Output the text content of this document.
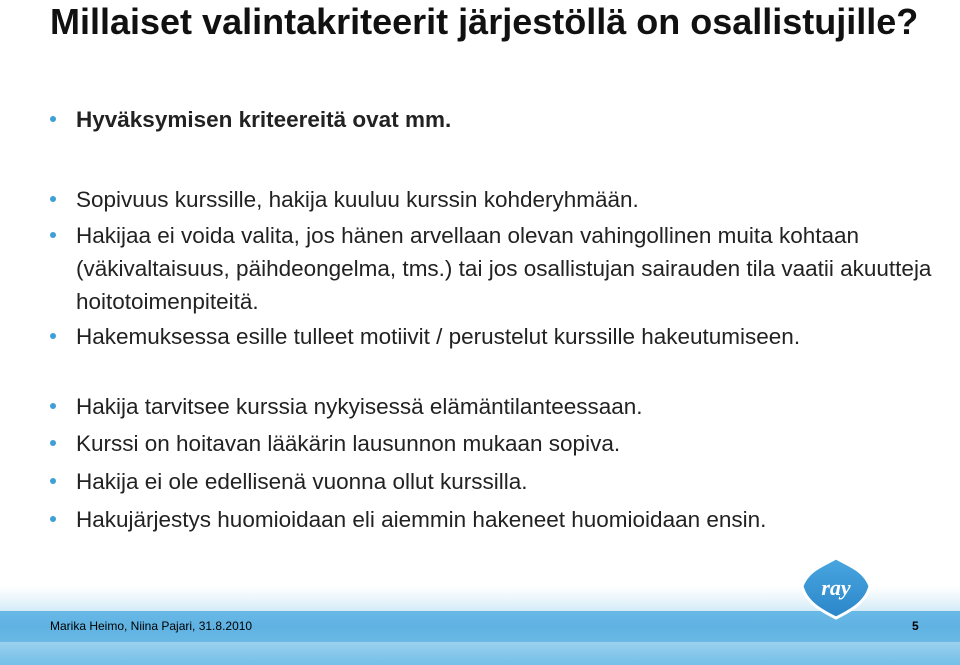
Millaiset valintakriteerit järjestöllä on osallistujille?
Hyväksymisen kriteereitä ovat mm.
Sopivuus kurssille, hakija kuuluu kurssin kohderyhmään.
Hakijaa ei voida valita, jos hänen arvellaan olevan vahingollinen muita kohtaan (väkivaltaisuus, päihdeongelma, tms.) tai jos osallistujan sairauden tila vaatii akuutteja hoitotoimenpiteitä.
Hakemuksessa esille tulleet motiivit / perustelut kurssille hakeutumiseen.
Hakija tarvitsee kurssia nykyisessä elämäntilanteessaan.
Kurssi on hoitavan lääkärin lausunnon mukaan sopiva.
Hakija ei ole edellisenä vuonna ollut kurssilla.
Hakujärjestys huomioidaan eli aiemmin hakeneet huomioidaan ensin.
ray
Marika Heimo, Niina Pajari, 31.8.2010	5
